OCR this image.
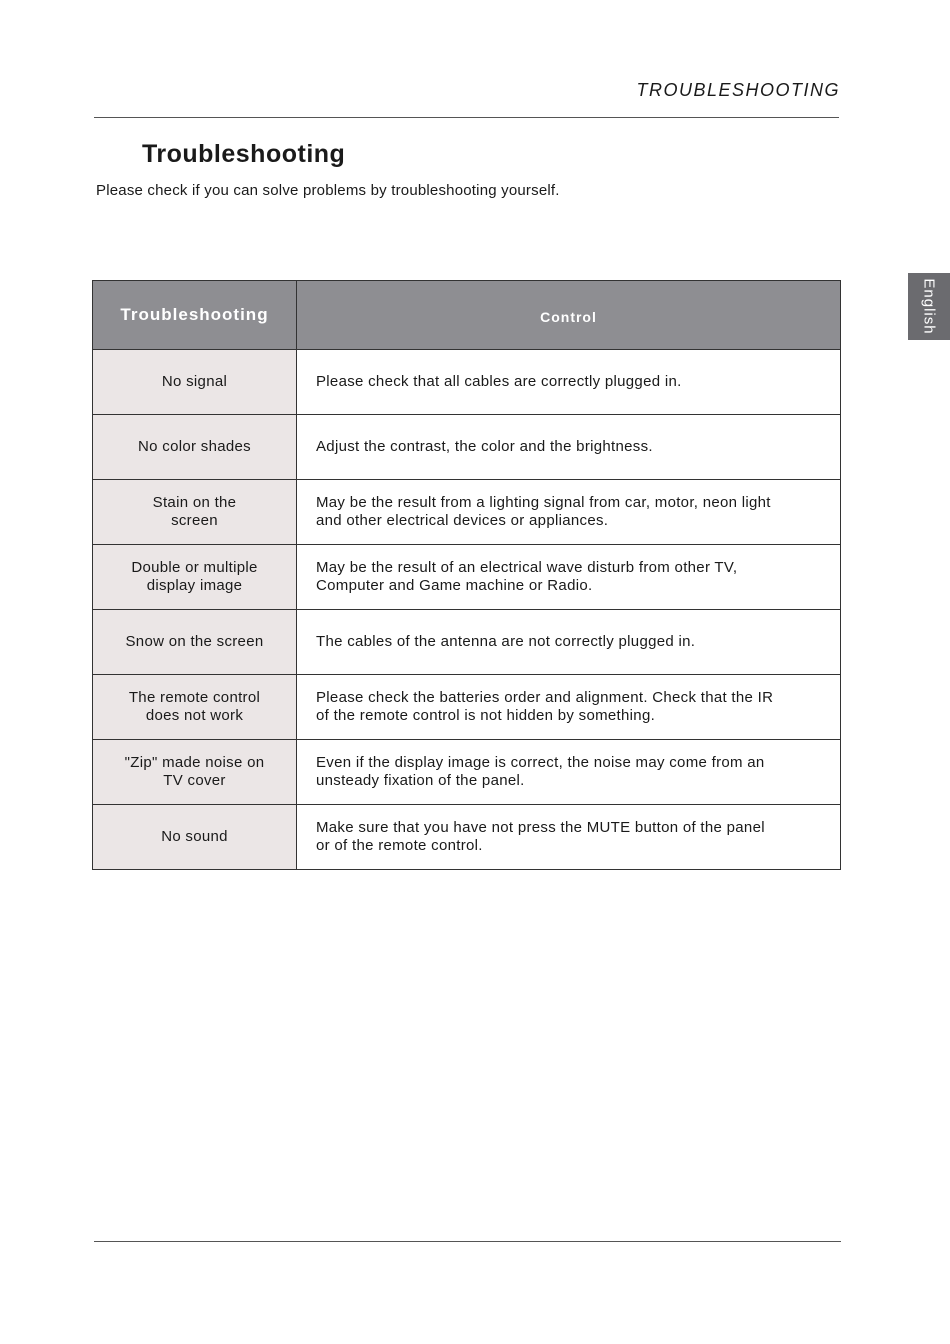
TROUBLESHOOTING
Troubleshooting

Please check if you can solve problems by troubleshooting yourself.

English
Troubleshooting	Control
No signal	Please check that all cables are correctly plugged in.
No color shades	Adjust the contrast, the color and the brightness.
Stain on the
screen	May be the result from a lighting signal from car, motor, neon light
and other electrical devices or appliances.
Double or multiple
display image	May be the result of an electrical wave disturb from other TV,
Computer and Game machine or Radio.
Snow on the screen	The cables of the antenna are not correctly plugged in.
The remote control
does not work	Please check the batteries order and alignment. Check that the IR
of the remote control is not hidden by something.
"Zip" made noise on
TV cover	Even if the display image is correct, the noise may come from an
unsteady fixation of the panel.
No sound	Make sure that you have not press the MUTE button of the panel
or of the remote control.
